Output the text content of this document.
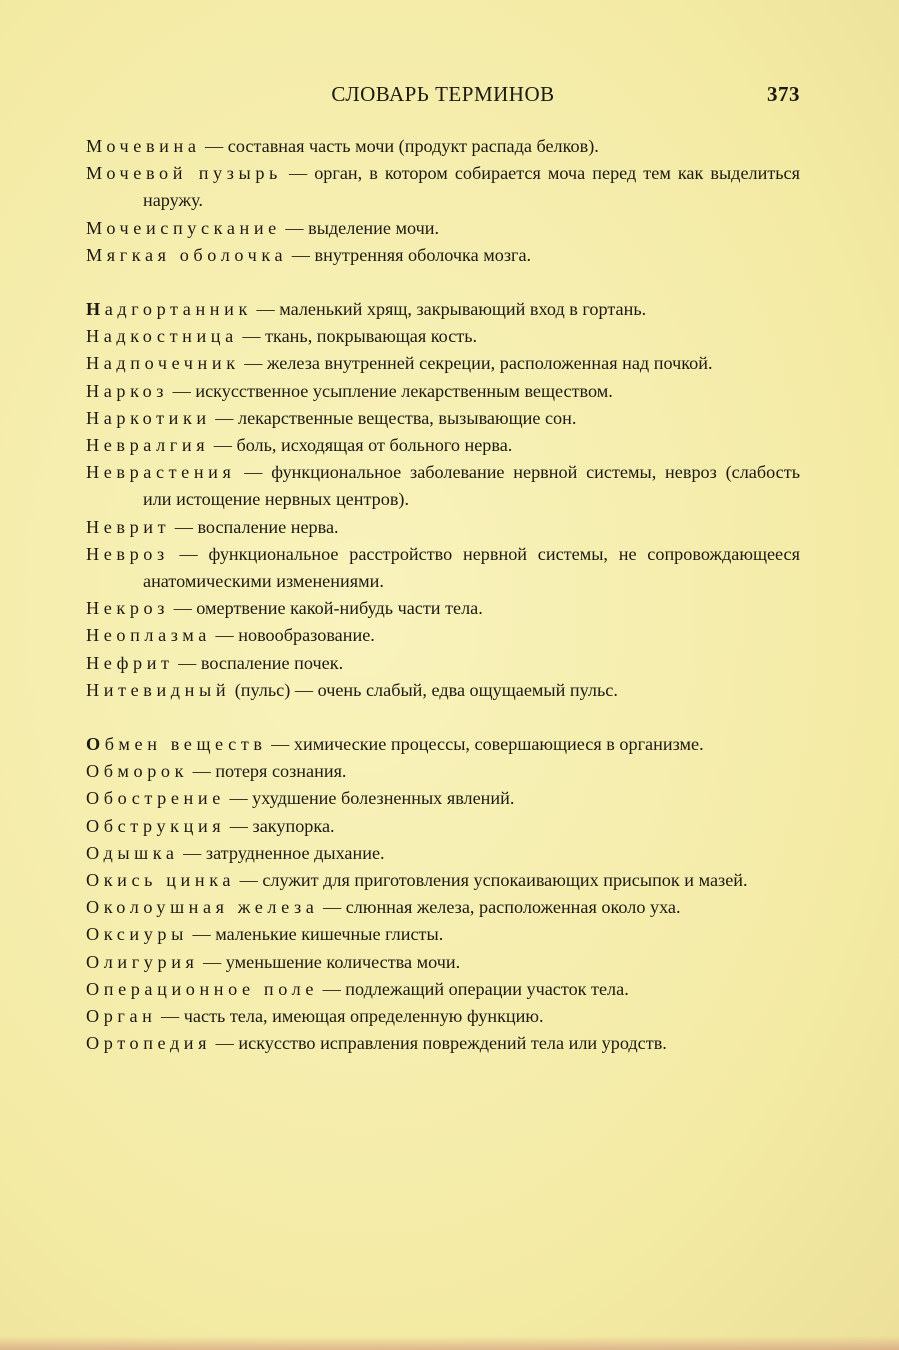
СЛОВАРЬ ТЕРМИНОВ	373

Мочевина — составная часть мочи (продукт распада белков).

Мочевой пузырь — орган, в котором собирается моча перед тем как выделиться наружу.

Мочеиспускание — выделение мочи.

Мягкая оболочка — внутренняя оболочка мозга.

Надгортанник — маленький хрящ, закрывающий вход в гортань.

Надкостница — ткань, покрывающая кость.

Надпочечник — железа внутренней секреции, расположенная над почкой.

Наркоз — искусственное усыпление лекарственным веществом.

Наркотики — лекарственные вещества, вызывающие сон.

Невралгия — боль, исходящая от больного нерва.

Неврастения — функциональное заболевание нервной системы, невроз (слабость или истощение нервных центров).

Неврит — воспаление нерва.

Невроз — функциональное расстройство нервной системы, не сопровождающееся анатомическими изменениями.

Некроз — омертвение какой-нибудь части тела.

Неоплазма — новообразование.

Нефрит — воспаление почек.

Нитевидный (пульс) — очень слабый, едва ощущаемый пульс.

Обмен веществ — химические процессы, совершающиеся в организме.

Обморок — потеря сознания.

Обострение — ухудшение болезненных явлений.

Обструкция — закупорка.

Одышка — затрудненное дыхание.

Окись цинка — служит для приготовления успокаивающих присыпок и мазей.

Околоушная железа — слюнная железа, расположенная около уха.

Оксиуры — маленькие кишечные глисты.

Олигурия — уменьшение количества мочи.

Операционное поле — подлежащий операции участок тела.

Орган — часть тела, имеющая определенную функцию.

Ортопедия — искусство исправления повреждений тела или уродств.
